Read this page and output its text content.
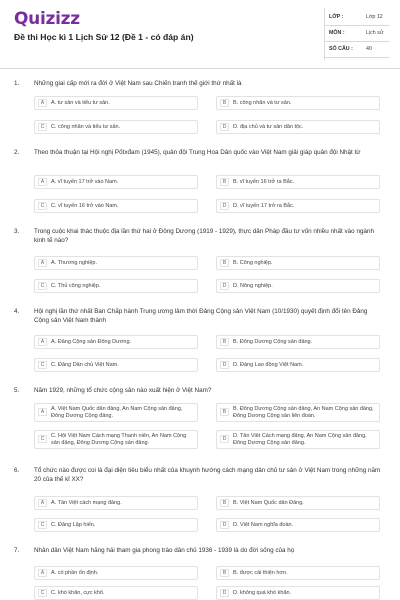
Quizizz
Đề thi Học kì 1 Lịch Sử 12 (Đề 1 - có đáp án)
LỚP :	Lớp 12
MÔN :	Lịch sử
SỐ CÂU : 40
1. Những giai cấp mới ra đời ở Việt Nam sau Chiến tranh thế giới thứ nhất là
A	A. tư sản và tiểu tư sản.	B	B. công nhân và tư sản.
C	C. công nhân và tiểu tư sản.	D	D. địa chủ và tư sản dân tộc.
2. Theo thỏa thuận tại Hội nghị Pốtxđam (1945), quân đội Trung Hoa Dân quốc vào Việt Nam giải giáp quân đội Nhật từ
A	A. vĩ tuyến 17 trở vào Nam.	B	B. vĩ tuyến 16 trở ra Bắc.
C	C. vĩ tuyến 16 trở vào Nam.	D	D. vĩ tuyến 17 trở ra Bắc.
3. Trong cuộc khai thác thuộc địa lần thứ hai ở Đông Dương (1919 - 1929), thực dân Pháp đầu tư vốn nhiều nhất vào ngành kinh tế nào?
A	A. Thương nghiệp.	B	B. Công nghiệp.
C	C. Thủ công nghiệp.	D	D. Nông nghiệp.
4. Hội nghị lần thứ nhất Ban Chấp hành Trung ương lâm thời Đảng Cộng sản Việt Nam (10/1930) quyết định đổi tên Đảng Cộng sản Việt Nam thành
A	A. Đảng Cộng sản Đông Dương.	B	B. Đông Dương Cộng sản đảng.
C	C. Đảng Dân chủ Việt Nam.	D	D. Đảng Lao động Việt Nam.
5. Năm 1929, những tổ chức cộng sản nào xuất hiện ở Việt Nam?
A	A. Việt Nam Quốc dân đảng, An Nam Cộng sản đảng, Đông Dương Cộng đảng.
B	B. Đông Dương Cộng sản đảng, An Nam Cộng sản đảng, Đông Dương Cộng sản liên đoàn.
C	C. Hội Việt Nam Cách mạng Thanh niên, An Nam Cộng sản đảng, Đông Dương Cộng sản đảng.
D	D. Tân Việt Cách mạng đảng, An Nam Cộng sản đảng, Đông Dương Cộng sản đảng.
6. Tổ chức nào được coi là đại diện tiêu biểu nhất của khuynh hướng cách mạng dân chủ tư sản ở Việt Nam trong những năm 20 của thế kỉ XX?
A	A. Tân Việt cách mạng đảng.	B	B. Việt Nam Quốc dân Đảng.
C	C. Đảng Lập hiến.	D	D. Việt Nam nghĩa đoàn.
7. Nhân dân Việt Nam hăng hái tham gia phong trào dân chủ 1936 - 1939 là do đời sống của họ
A	A. có phần ổn định.	B	B. được cải thiện hơn.
C	C. khó khăn, cực khổ.	D	D. không quá khó khăn.
